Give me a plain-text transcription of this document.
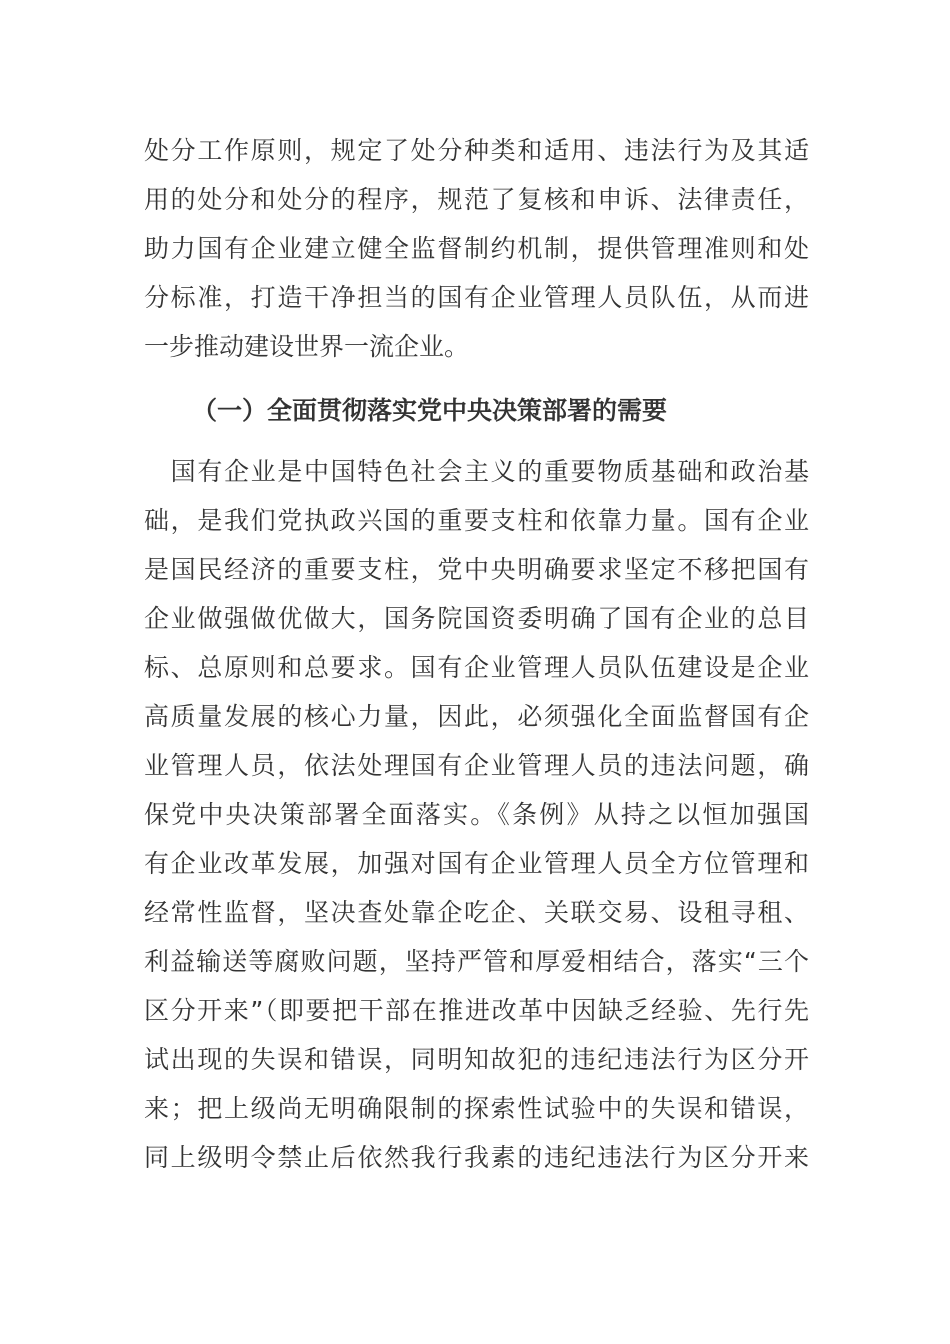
处分工作原则，规定了处分种类和适用、违法行为及其适
用的处分和处分的程序，规范了复核和申诉、法律责任，
助力国有企业建立健全监督制约机制，提供管理准则和处
分标准，打造干净担当的国有企业管理人员队伍，从而进
一步推动建设世界一流企业。
（一）全面贯彻落实党中央决策部署的需要
　国有企业是中国特色社会主义的重要物质基础和政治基
础，是我们党执政兴国的重要支柱和依靠力量。国有企业
是国民经济的重要支柱，党中央明确要求坚定不移把国有
企业做强做优做大，国务院国资委明确了国有企业的总目
标、总原则和总要求。国有企业管理人员队伍建设是企业
高质量发展的核心力量，因此，必须强化全面监督国有企
业管理人员，依法处理国有企业管理人员的违法问题，确
保党中央决策部署全面落实。《条例》从持之以恒加强国
有企业改革发展，加强对国有企业管理人员全方位管理和
经常性监督，坚决查处靠企吃企、关联交易、设租寻租、
利益输送等腐败问题，坚持严管和厚爱相结合，落实“三个
区分开来”（即要把干部在推进改革中因缺乏经验、先行先
试出现的失误和错误，同明知故犯的违纪违法行为区分开
来；把上级尚无明确限制的探索性试验中的失误和错误，
同上级明令禁止后依然我行我素的违纪违法行为区分开来
